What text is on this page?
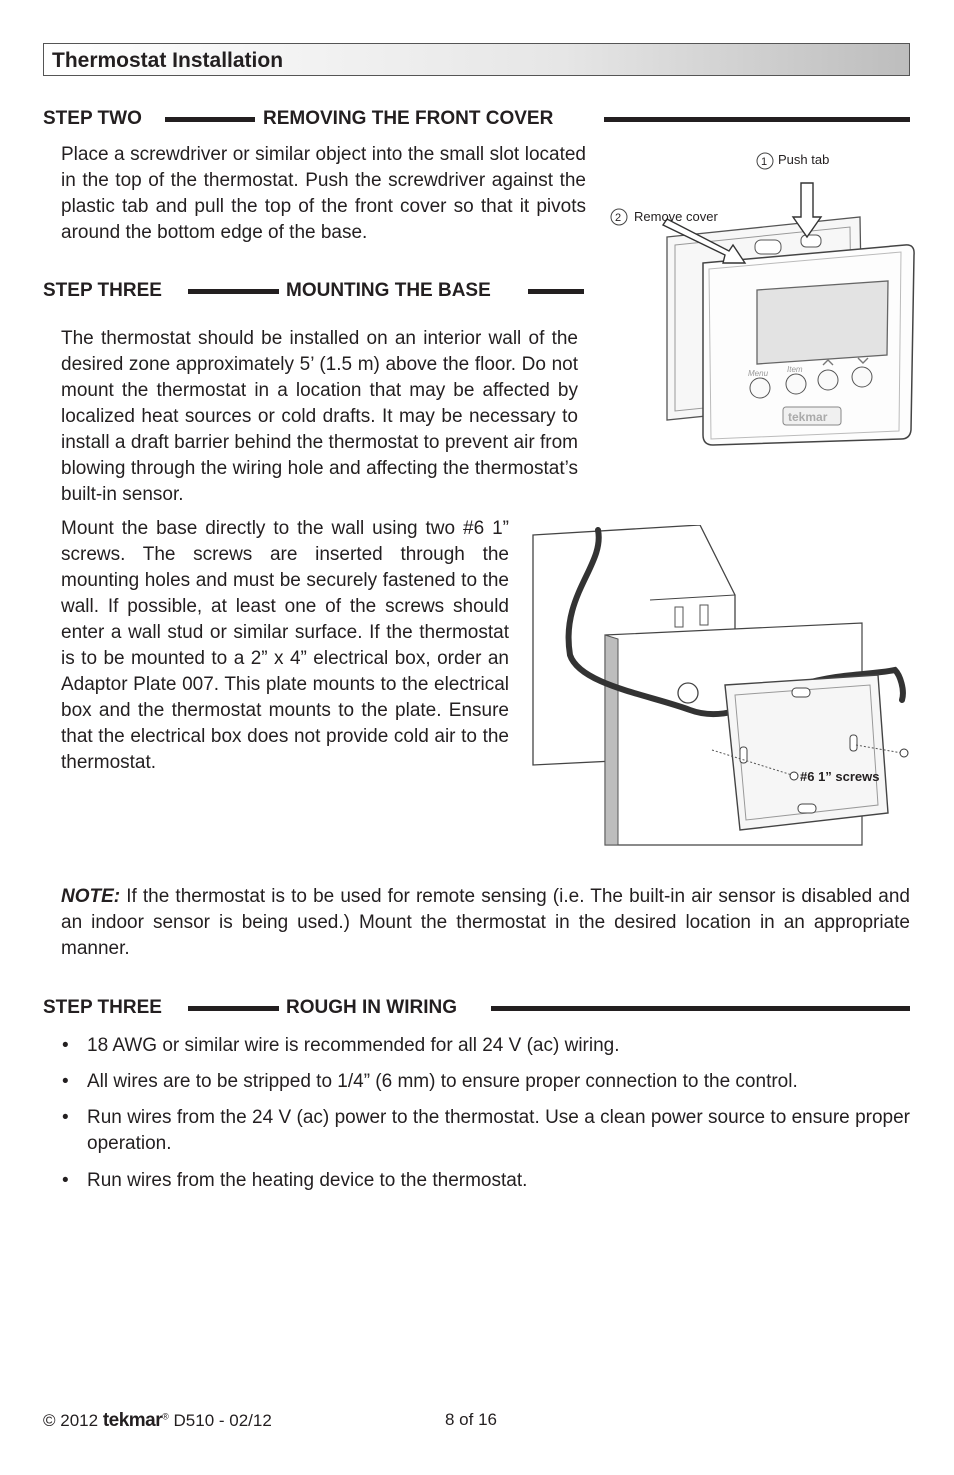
Thermostat Installation
STEP TWO	REMOVING THE FRONT COVER
Place a screwdriver or similar object into the small slot located in the top of the thermostat. Push the screwdriver against the plastic tab and pull the top of the front cover so that it pivots around the bottom edge of the base.
Menu Item
tekmar
1 Push tab
2 Remove cover
STEP THREE	MOUNTING THE BASE
The thermostat should be installed on an interior wall of the desired zone approximately 5’ (1.5 m) above the floor. Do not mount the thermostat in a location that may be affected by localized heat sources or cold drafts. It may be necessary to install a draft barrier behind the thermostat to prevent air from blowing through the wiring hole and affecting the thermostat’s built-in sensor.
Mount the base directly to the wall using two #6 1” screws. The screws are inserted through the mounting holes and must be securely fastened to the wall. If possible, at least one of the screws should enter a wall stud or similar surface. If the thermostat is to be mounted to a 2” x 4” electrical box, order an Adaptor Plate 007. This plate mounts to the electrical box and the thermostat mounts to the plate. Ensure that the electrical box does not provide cold air to the thermostat.
#6 1” screws
NOTE: If the thermostat is to be used for remote sensing (i.e. The built-in air sensor is disabled and an indoor sensor is being used.) Mount the thermostat in the desired location in an appropriate manner.
STEP THREE	ROUGH IN WIRING
• 18 AWG or similar wire is recommended for all 24 V (ac) wiring.
• All wires are to be stripped to 1/4” (6 mm) to ensure proper connection to the control.
• Run wires from the 24 V (ac) power to the thermostat. Use a clean power source to ensure proper operation.
• Run wires from the heating device to the thermostat.
© 2012 tekmar® D510 - 02/12	8 of 16
